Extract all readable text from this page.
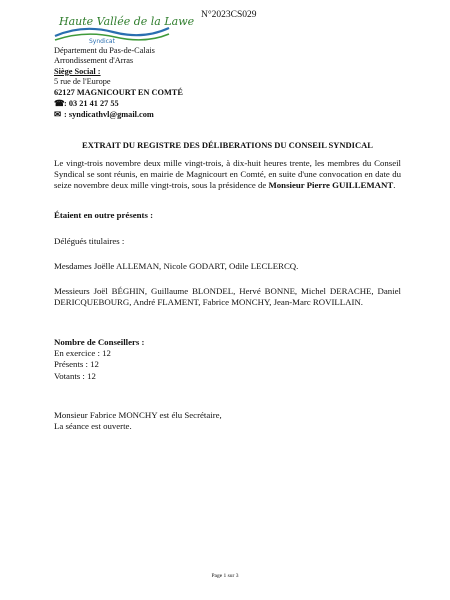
Haute Vallée de la Lawe
Syndicat
N°2023CS029
Département du Pas-de-Calais
Arrondissement d'Arras
Siège Social :
5 rue de l'Europe
62127 MAGNICOURT EN COMTÉ
☎: 03 21 41 27 55
✉ : syndicathvl@gmail.com
EXTRAIT DU REGISTRE DES DÉLIBERATIONS DU CONSEIL SYNDICAL
Le vingt-trois novembre deux mille vingt-trois, à dix-huit heures trente, les membres du Conseil Syndical se sont réunis, en mairie de Magnicourt en Comté, en suite d'une convocation en date du seize novembre deux mille vingt-trois, sous la présidence de Monsieur Pierre GUILLEMANT.
Étaient en outre présents :
Délégués titulaires :
Mesdames Joëlle ALLEMAN, Nicole GODART, Odile LECLERCQ.
Messieurs Joël BÉGHIN, Guillaume BLONDEL, Hervé BONNE, Michel DERACHE, Daniel DERICQUEBOURG, André FLAMENT, Fabrice MONCHY, Jean-Marc ROVILLAIN.
Nombre de Conseillers :
En exercice : 12
Présents : 12
Votants : 12
Monsieur Fabrice MONCHY est élu Secrétaire,
La séance est ouverte.
Page 1 sur 3
